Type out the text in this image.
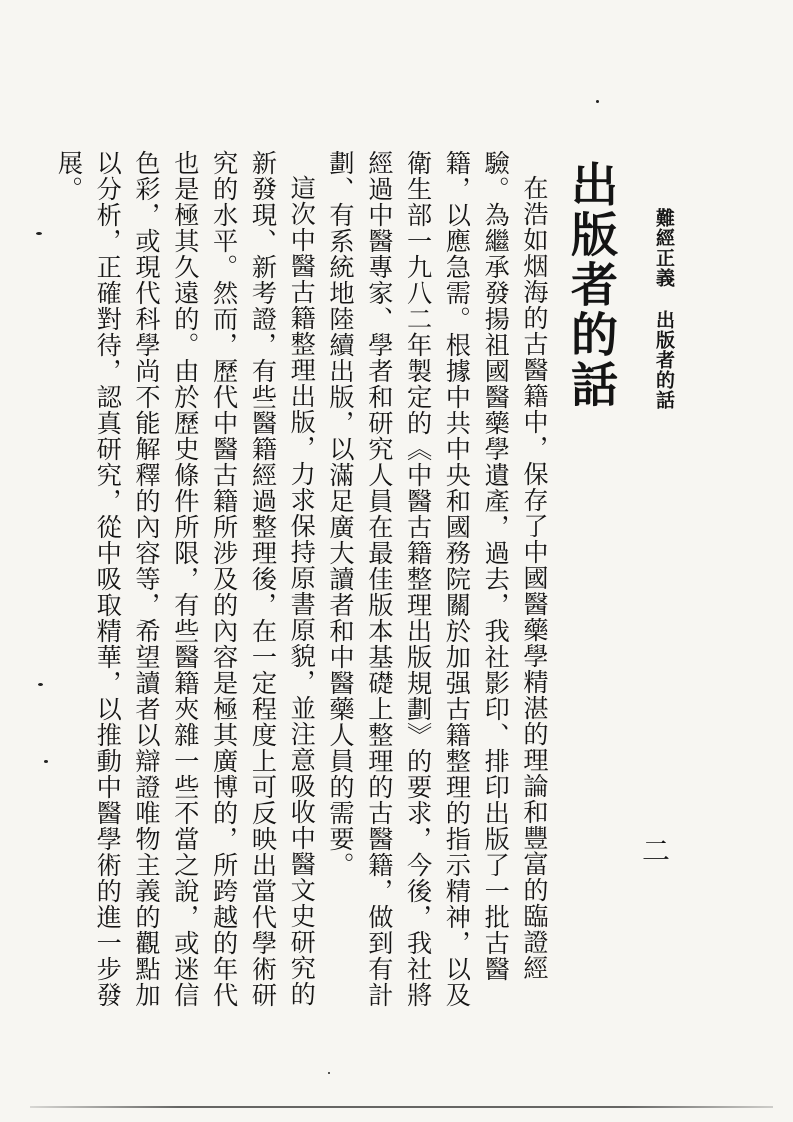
難經正義 出版者的話
二
出版者的話

在浩如烟海的古醫籍中，保存了中國醫藥學精湛的理論和豐富的臨證經驗。為繼承發揚祖國醫藥學遺產，過去，我社影印、排印出版了一批古醫籍，以應急需。根據中共中央和國務院關於加强古籍整理的指示精神，以及衛生部一九八二年製定的《中醫古籍整理出版規劃》的要求，今後，我社將經過中醫專家、學者和研究人員在最佳版本基礎上整理的古醫籍，做到有計劃、有系統地陸續出版，以滿足廣大讀者和中醫藥人員的需要。

這次中醫古籍整理出版，力求保持原書原貌，並注意吸收中醫文史研究的新發現、新考證，有些醫籍經過整理後，在一定程度上可反映出當代學術研究的水平。然而，歷代中醫古籍所涉及的內容是極其廣博的，所跨越的年代也是極其久遠的。由於歷史條件所限，有些醫籍夾雜一些不當之說，或迷信色彩，或現代科學尚不能解釋的內容等，希望讀者以辯證唯物主義的觀點加以分析，正確對待，認真研究，從中吸取精華，以推動中醫學術的進一步發展。
